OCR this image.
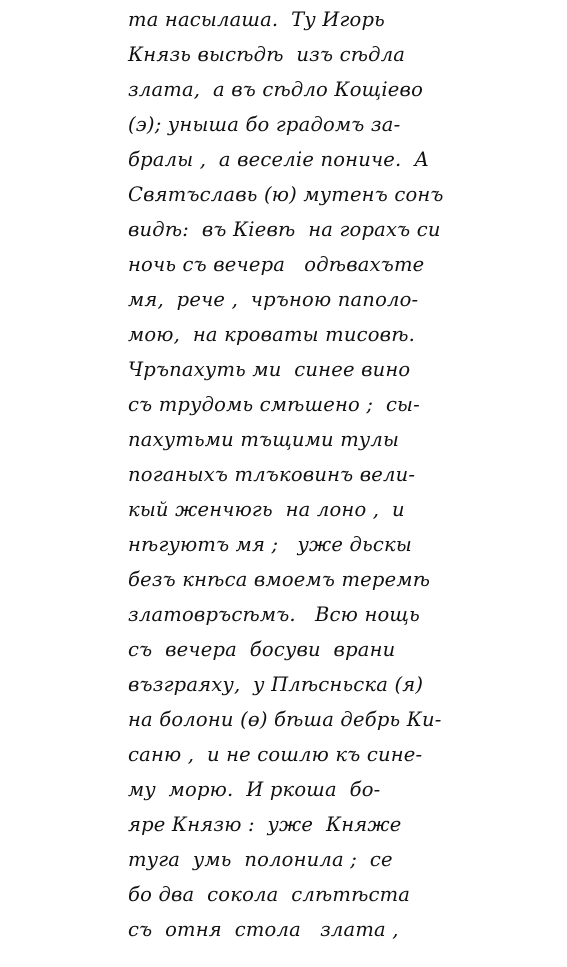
та насылаша.  Ту Игорь
Князь высѣдѣ  изъ сѣдла
злата,  а въ сѣдло Кощіево
(э); уныша бо градомъ за-
бралы ,  а веселіе пониче.  А
Святъславь (ю) мутенъ сонъ
видѣ:  въ Кіевѣ  на горахъ си
ночь съ вечера   одѣвахъте
мя,  рече ,  чръною паполо-
мою,  на кроваты тисовѣ.
Чръпахуть ми  синее вино
съ трудомь смѣшено ;  сы-
пахутьми тъщими тулы
поганыхъ тлъковинъ вели-
кый женчюгь  на лоно ,  и
нѣгуютъ мя ;   уже дьскы
безъ кнѣса вмоемъ теремѣ
златовръсѣмъ.   Всю нощь
съ  вечера  босуви  врани
възграяху,  у Плѣсньска (я)
на болони (ө) бѣша дебрь Ки-
саню ,  и не сошлю къ сине-
му  морю.  И ркоша  бо-
яре Князю :  уже  Княже
туга  умь  полонила ;  се
бо два  сокола  слѣтѣста
съ  отня  стола   злата ,
